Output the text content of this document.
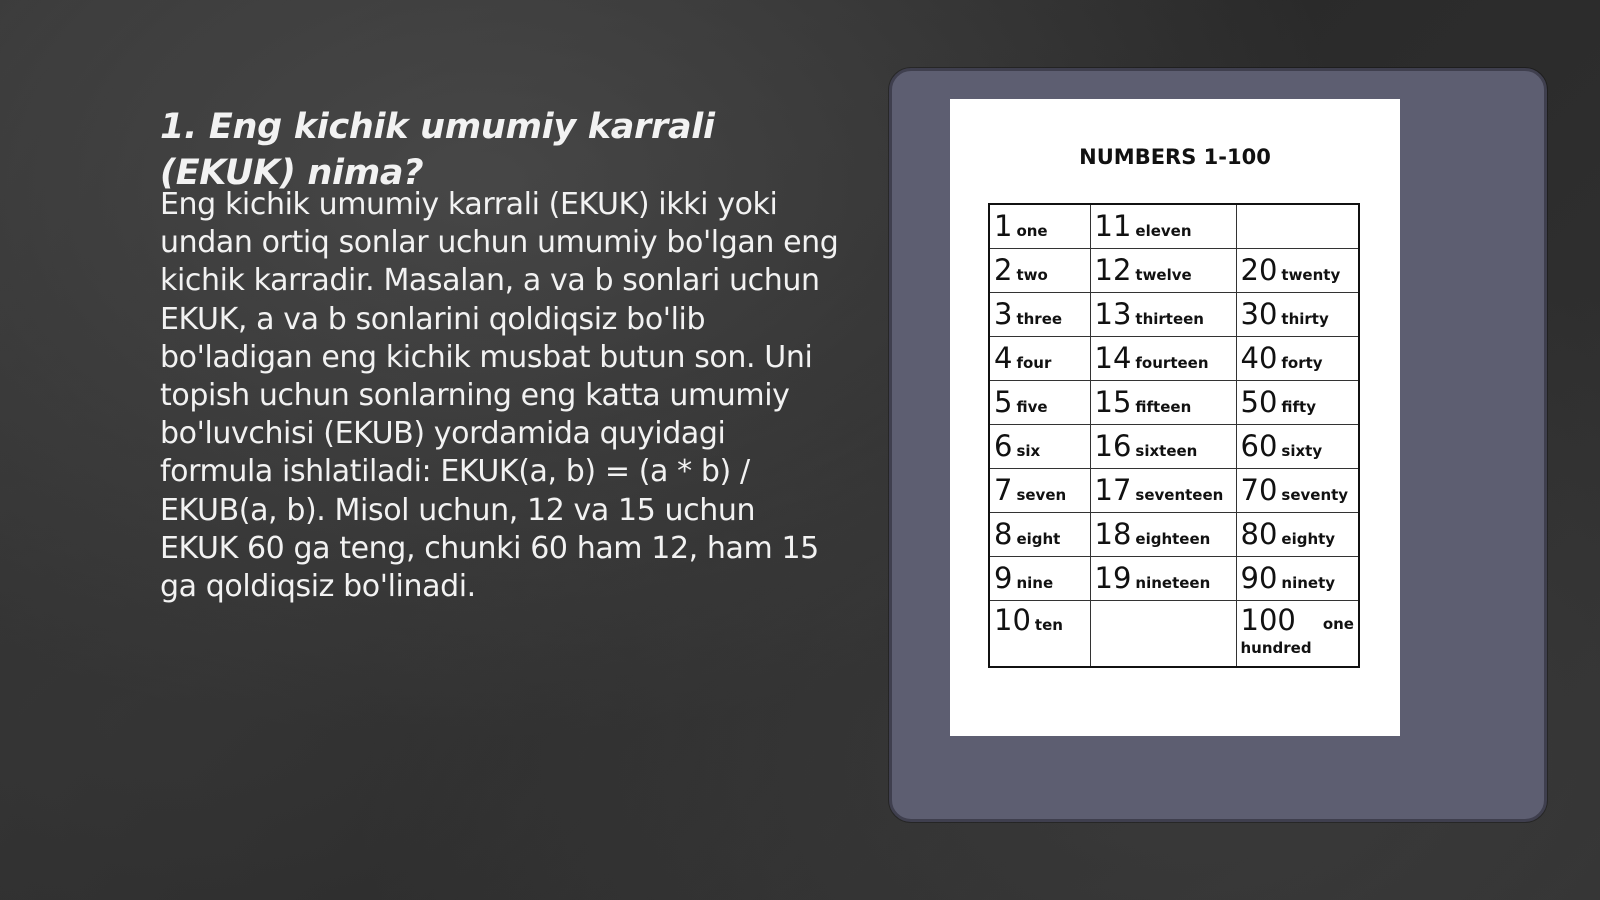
1. Eng kichik umumiy karrali (EKUK) nima?

Eng kichik umumiy karrali (EKUK) ikki yoki undan ortiq sonlar uchun umumiy bo'lgan eng kichik karradir. Masalan, a va b sonlari uchun EKUK, a va b sonlarini qoldiqsiz bo'lib bo'ladigan eng kichik musbat butun son. Uni topish uchun sonlarning eng katta umumiy bo'luvchisi (EKUB) yordamida quyidagi formula ishlatiladi: EKUK(a, b) = (a * b) / EKUB(a, b). Misol uchun, 12 va 15 uchun EKUK 60 ga teng, chunki 60 ham 12, ham 15 ga qoldiqsiz bo'linadi.

NUMBERS 1-100

1 one	11 eleven	
2 two	12 twelve	20 twenty
3 three	13 thirteen	30 thirty
4 four	14 fourteen	40 forty
5 five	15 fifteen	50 fifty
6 six	16 sixteen	60 sixty
7 seven	17 seventeen	70 seventy
8 eight	18 eighteen	80 eighty
9 nine	19 nineteen	90 ninety
10 ten		100 one
hundred
